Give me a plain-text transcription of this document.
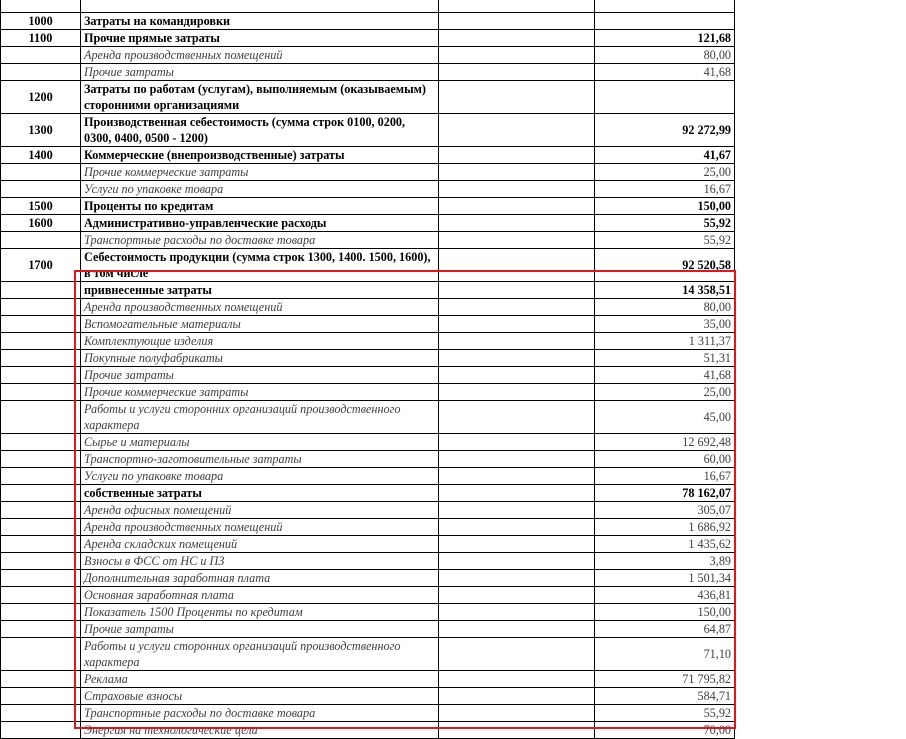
1000	Затраты на командировки		
1100	Прочие прямые затраты		121,68
	Аренда производственных помещений		80,00
	Прочие затраты		41,68
1200	Затраты по работам (услугам), выполняемым (оказываемым) сторонними организациями		
1300	Производственная себестоимость (сумма строк 0100, 0200, 0300, 0400, 0500 - 1200)		92 272,99
1400	Коммерческие (внепроизводственные) затраты		41,67
	Прочие коммерческие затраты		25,00
	Услуги по упаковке товара		16,67
1500	Проценты по кредитам		150,00
1600	Административно-управленческие расходы		55,92
	Транспортные расходы по доставке товара		55,92
1700	Себестоимость продукции (сумма строк 1300, 1400. 1500, 1600), в том числе		92 520,58
	привнесенные затраты		14 358,51
	Аренда производственных помещений		80,00
	Вспомогательные материалы		35,00
	Комплектующие изделия		1 311,37
	Покупные полуфабрикаты		51,31
	Прочие затраты		41,68
	Прочие коммерческие затраты		25,00
	Работы и услуги сторонних организаций производственного характера		45,00
	Сырье и материалы		12 692,48
	Транспортно-заготовительные затраты		60,00
	Услуги по упаковке товара		16,67
	собственные затраты		78 162,07
	Аренда офисных помещений		305,07
	Аренда производственных помещений		1 686,92
	Аренда складских помещений		1 435,62
	Взносы в ФСС от НС и ПЗ		3,89
	Дополнительная заработная плата		1 501,34
	Основная заработная плата		436,81
	Показатель 1500 Проценты по кредитам		150,00
	Прочие затраты		64,87
	Работы и услуги сторонних организаций производственного характера		71,10
	Реклама		71 795,82
	Страховые взносы		584,71
	Транспортные расходы по доставке товара		55,92
	Энергия на технологические цели		70,00
